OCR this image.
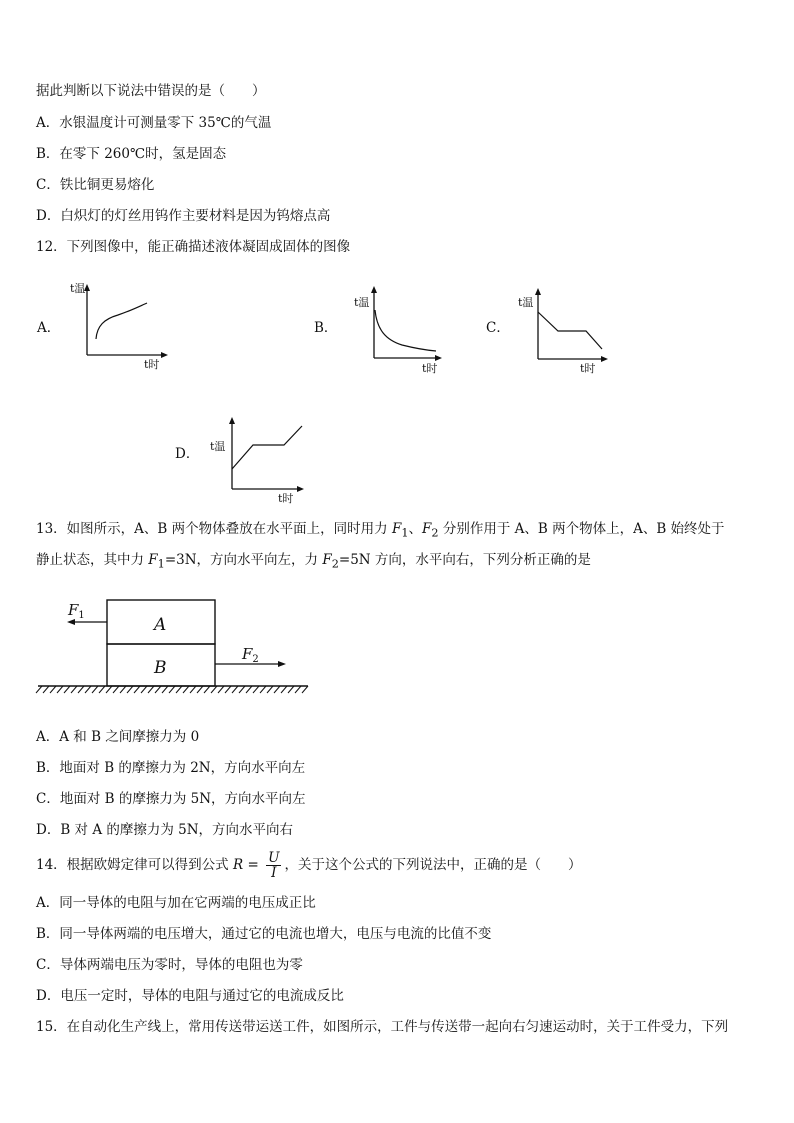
据此判断以下说法中错误的是（　　）
A．水银温度计可测量零下 35℃的气温
B．在零下 260℃时，氢是固态
C．铁比铜更易熔化
D．白炽灯的灯丝用钨作主要材料是因为钨熔点高
12．下列图像中，能正确描述液体凝固成固体的图像
A．
t温
t时
B．
t温
t时
C．
t温
t时
D． t温
t时
13．如图所示，A、B 两个物体叠放在水平面上，同时用力 $F_1$、$F_2$ 分别作用于 A、B 两个物体上，A、B 始终处于
静止状态，其中力 $F_1=3N$，方向水平向左，力 $F_2=5N$ 方向，水平向右，下列分析正确的是
A
B
$F_1$
$F_2$
A．A 和 B 之间摩擦力为 0
B．地面对 B 的摩擦力为 2N，方向水平向左
C．地面对 B 的摩擦力为 5N，方向水平向左
D．B 对 A 的摩擦力为 5N，方向水平向右
14．根据欧姆定律可以得到公式 $R = \frac{U}{I}$ ，关于这个公式的下列说法中，正确的是（　　）
A．同一导体的电阻与加在它两端的电压成正比
B．同一导体两端的电压增大，通过它的电流也增大，电压与电流的比值不变
C．导体两端电压为零时，导体的电阻也为零
D．电压一定时，导体的电阻与通过它的电流成反比
15．在自动化生产线上，常用传送带运送工件，如图所示，工件与传送带一起向右匀速运动时，关于工件受力，下列
